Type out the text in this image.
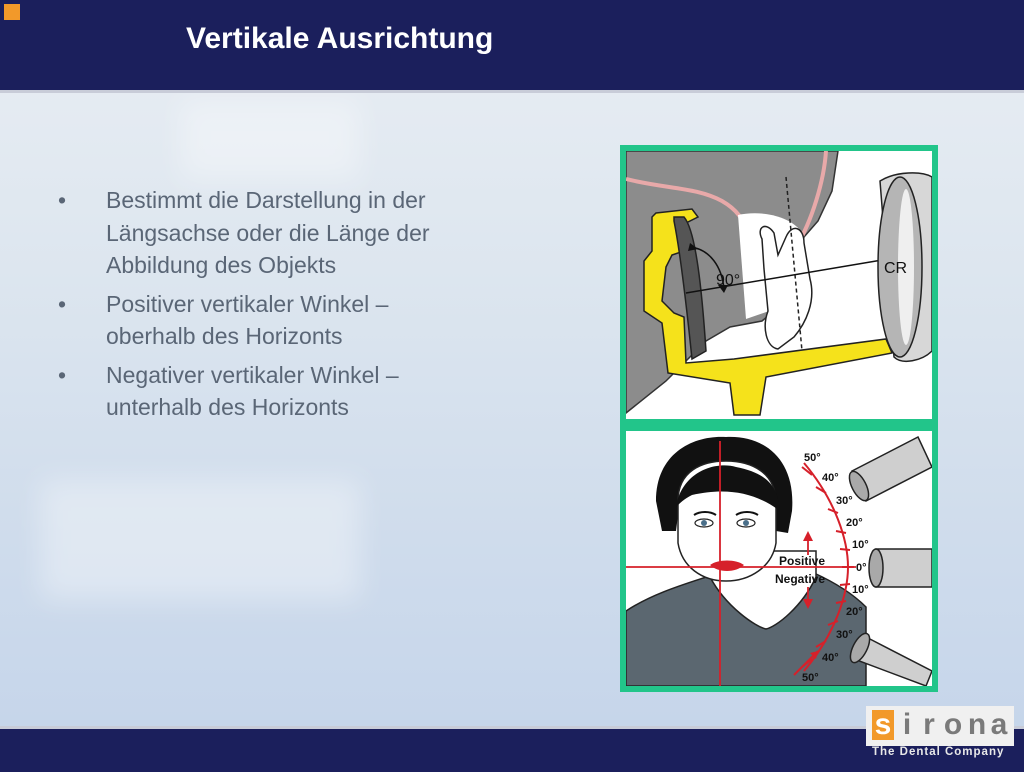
Vertikale Ausrichtung
• Bestimmt die Darstellung in der Längsachse oder die Länge der Abbildung des Objekts
• Positiver vertikaler Winkel – oberhalb des Horizonts
• Negativer vertikaler Winkel – unterhalb des Horizonts
90°
CR
Positive
Negative
50°
40°
30°
20°
10°
0°
10°
20°
30°
40°
50°
s i r o n a
The Dental Company
